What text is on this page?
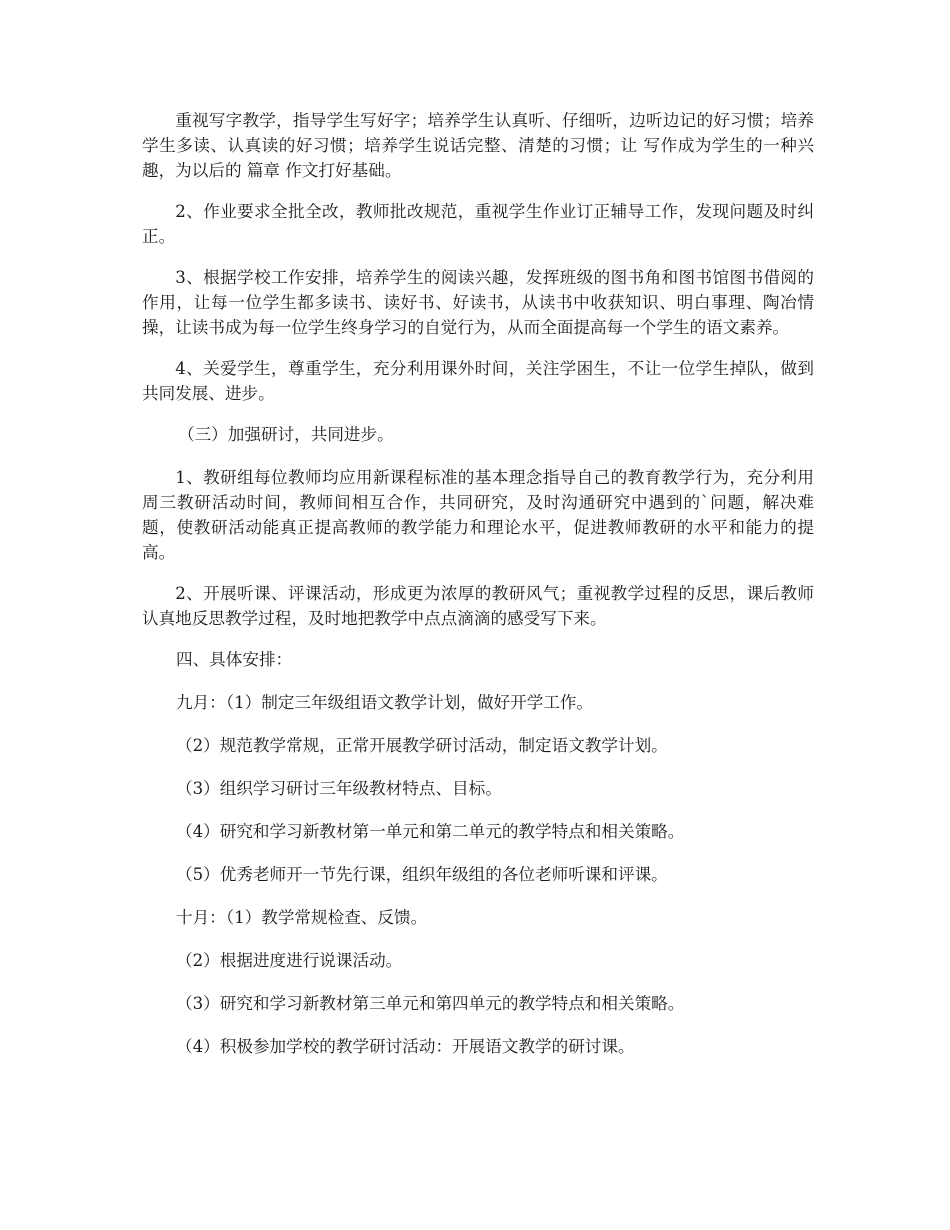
重视写字教学，指导学生写好字；培养学生认真听、仔细听，边听边记的好习惯；培养学生多读、认真读的好习惯；培养学生说话完整、清楚的习惯；让 写作成为学生的一种兴趣，为以后的 篇章 作文打好基础。

2、作业要求全批全改，教师批改规范，重视学生作业订正辅导工作，发现问题及时纠正。

3、根据学校工作安排，培养学生的阅读兴趣，发挥班级的图书角和图书馆图书借阅的作用，让每一位学生都多读书、读好书、好读书，从读书中收获知识、明白事理、陶冶情操，让读书成为每一位学生终身学习的自觉行为，从而全面提高每一个学生的语文素养。

4、关爱学生，尊重学生，充分利用课外时间，关注学困生，不让一位学生掉队，做到共同发展、进步。

（三）加强研讨，共同进步。

1、教研组每位教师均应用新课程标准的基本理念指导自己的教育教学行为，充分利用周三教研活动时间，教师间相互合作，共同研究，及时沟通研究中遇到的`问题，解决难题，使教研活动能真正提高教师的教学能力和理论水平，促进教师教研的水平和能力的提高。

2、开展听课、评课活动，形成更为浓厚的教研风气；重视教学过程的反思，课后教师认真地反思教学过程，及时地把教学中点点滴滴的感受写下来。

四、具体安排：

九月：（1）制定三年级组语文教学计划，做好开学工作。

（2）规范教学常规，正常开展教学研讨活动，制定语文教学计划。

（3）组织学习研讨三年级教材特点、目标。

（4）研究和学习新教材第一单元和第二单元的教学特点和相关策略。

（5）优秀老师开一节先行课，组织年级组的各位老师听课和评课。

十月：（1）教学常规检查、反馈。

（2）根据进度进行说课活动。

（3）研究和学习新教材第三单元和第四单元的教学特点和相关策略。

（4）积极参加学校的教学研讨活动：开展语文教学的研讨课。
